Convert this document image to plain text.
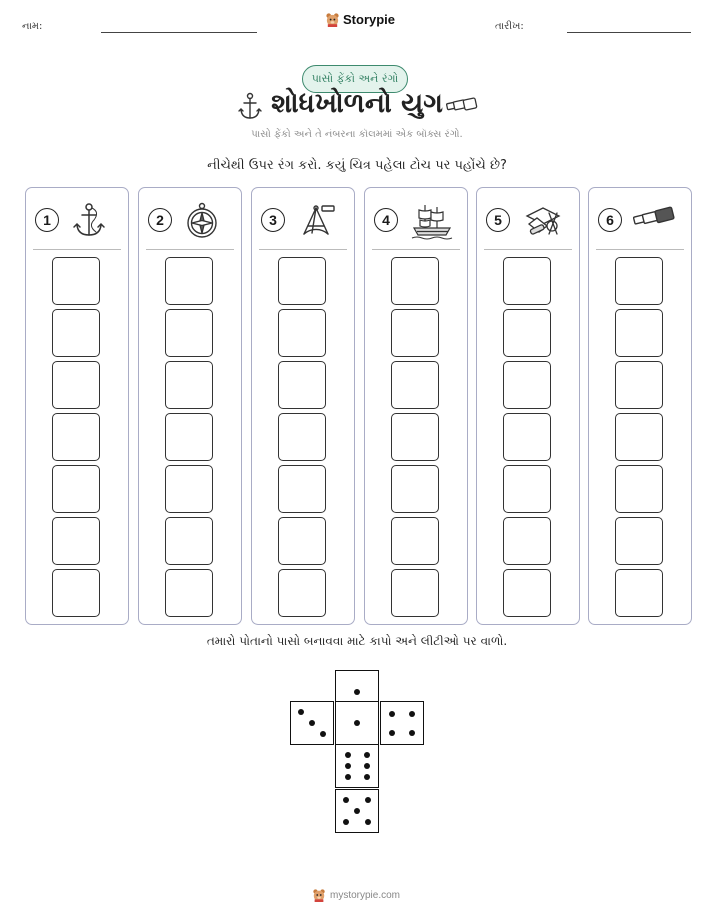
નામ:	Storypie	તારીખ:
પાસો ફેંકો અને રંગો
શોધખોળનો યુગ
પાસો ફેંકો અને તે નંબરના કૉલમમાં એક બૉક્સ રંગો.
નીચેથી ઉપર રંગ કરો. કયું ચિત્ર પહેલા ટોચ પર પહોંચે છે?
1	2	3	4	5	6
તમારો પોતાનો પાસો બનાવવા માટે કાપો અને લીટીઓ પર વાળો.
mystorypie.com
